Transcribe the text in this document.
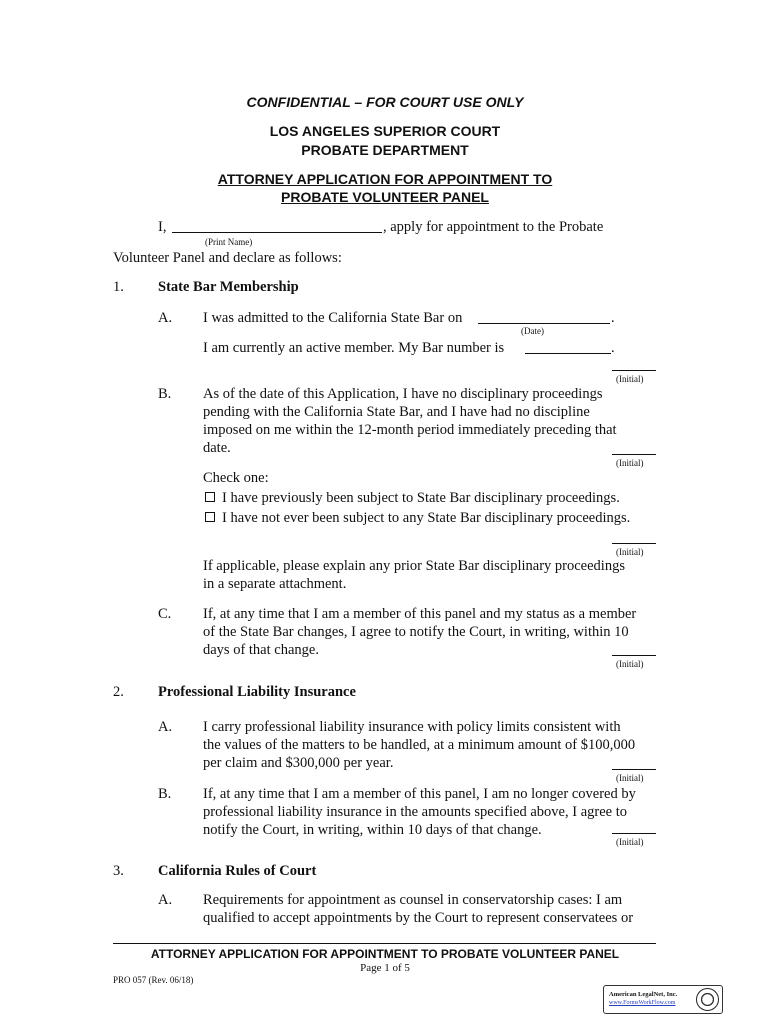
CONFIDENTIAL – FOR COURT USE ONLY
LOS ANGELES SUPERIOR COURT
PROBATE DEPARTMENT
ATTORNEY APPLICATION FOR APPOINTMENT TO
PROBATE VOLUNTEER PANEL
I,	, apply for appointment to the Probate
(Print Name)
Volunteer Panel and declare as follows:
1. State Bar Membership
A. I was admitted to the California State Bar on	.
(Date)
I am currently an active member. My Bar number is	.
(Initial)
B. As of the date of this Application, I have no disciplinary proceedings
pending with the California State Bar, and I have had no discipline
imposed on me within the 12-month period immediately preceding that
date.
(Initial)
Check one:
I have previously been subject to State Bar disciplinary proceedings.
I have not ever been subject to any State Bar disciplinary proceedings.
(Initial)
If applicable, please explain any prior State Bar disciplinary proceedings
in a separate attachment.
C. If, at any time that I am a member of this panel and my status as a member
of the State Bar changes, I agree to notify the Court, in writing, within 10
days of that change.
(Initial)
2. Professional Liability Insurance
A. I carry professional liability insurance with policy limits consistent with
the values of the matters to be handled, at a minimum amount of $100,000
per claim and $300,000 per year.
(Initial)
B. If, at any time that I am a member of this panel, I am no longer covered by
professional liability insurance in the amounts specified above, I agree to
notify the Court, in writing, within 10 days of that change.
(Initial)
3. California Rules of Court
A. Requirements for appointment as counsel in conservatorship cases: I am
qualified to accept appointments by the Court to represent conservatees or
ATTORNEY APPLICATION FOR APPOINTMENT TO PROBATE VOLUNTEER PANEL
Page 1 of 5
PRO 057 (Rev. 06/18)
American LegalNet, Inc.
www.FormsWorkFlow.com
